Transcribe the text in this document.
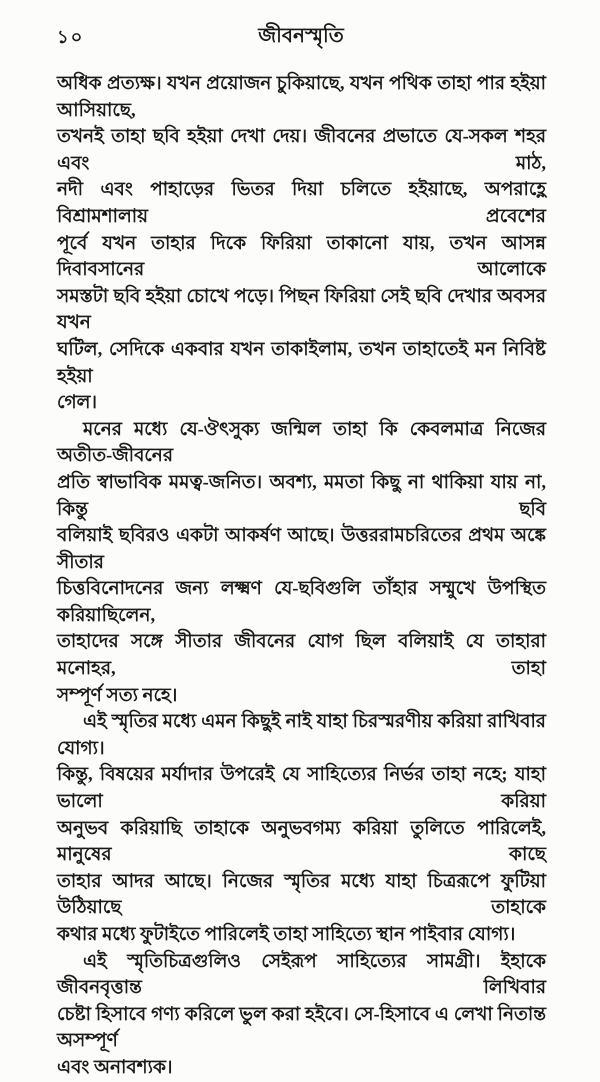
১০	জীবনস্মৃতি
অধিক প্রত্যক্ষ। যখন প্রয়োজন চুকিয়াছে, যখন পথিক তাহা পার হইয়া আসিয়াছে,
তখনই তাহা ছবি হইয়া দেখা দেয়। জীবনের প্রভাতে যে-সকল শহর এবং মাঠ,
নদী এবং পাহাড়ের ভিতর দিয়া চলিতে হইয়াছে, অপরাহ্ণে বিশ্রামশালায় প্রবেশের
পূর্বে যখন তাহার দিকে ফিরিয়া তাকানো যায়, তখন আসন্ন দিবাবসানের আলোকে
সমস্তটা ছবি হইয়া চোখে পড়ে। পিছন ফিরিয়া সেই ছবি দেখার অবসর যখন
ঘটিল, সেদিকে একবার যখন তাকাইলাম, তখন তাহাতেই মন নিবিষ্ট হইয়া
গেল।
মনের মধ্যে যে-ঔৎসুক্য জন্মিল তাহা কি কেবলমাত্র নিজের অতীত-জীবনের
প্রতি স্বাভাবিক মমত্ব-জনিত। অবশ্য, মমতা কিছু না থাকিয়া যায় না, কিন্তু ছবি
বলিয়াই ছবিরও একটা আকর্ষণ আছে। উত্তররামচরিতের প্রথম অঙ্কে সীতার
চিত্তবিনোদনের জন্য লক্ষ্মণ যে-ছবিগুলি তাঁহার সম্মুখে উপস্থিত করিয়াছিলেন,
তাহাদের সঙ্গে সীতার জীবনের যোগ ছিল বলিয়াই যে তাহারা মনোহর, তাহা
সম্পূর্ণ সত্য নহে।
এই স্মৃতির মধ্যে এমন কিছুই নাই যাহা চিরস্মরণীয় করিয়া রাখিবার যোগ্য।
কিন্তু, বিষয়ের মর্যাদার উপরেই যে সাহিত্যের নির্ভর তাহা নহে; যাহা ভালো করিয়া
অনুভব করিয়াছি তাহাকে অনুভবগম্য করিয়া তুলিতে পারিলেই, মানুষের কাছে
তাহার আদর আছে। নিজের স্মৃতির মধ্যে যাহা চিত্ররূপে ফুটিয়া উঠিয়াছে তাহাকে
কথার মধ্যে ফুটাইতে পারিলেই তাহা সাহিত্যে স্থান পাইবার যোগ্য।
এই স্মৃতিচিত্রগুলিও সেইরূপ সাহিত্যের সামগ্রী। ইহাকে জীবনবৃত্তান্ত লিখিবার
চেষ্টা হিসাবে গণ্য করিলে ভুল করা হইবে। সে-হিসাবে এ লেখা নিতান্ত অসম্পূর্ণ
এবং অনাবশ্যক।
